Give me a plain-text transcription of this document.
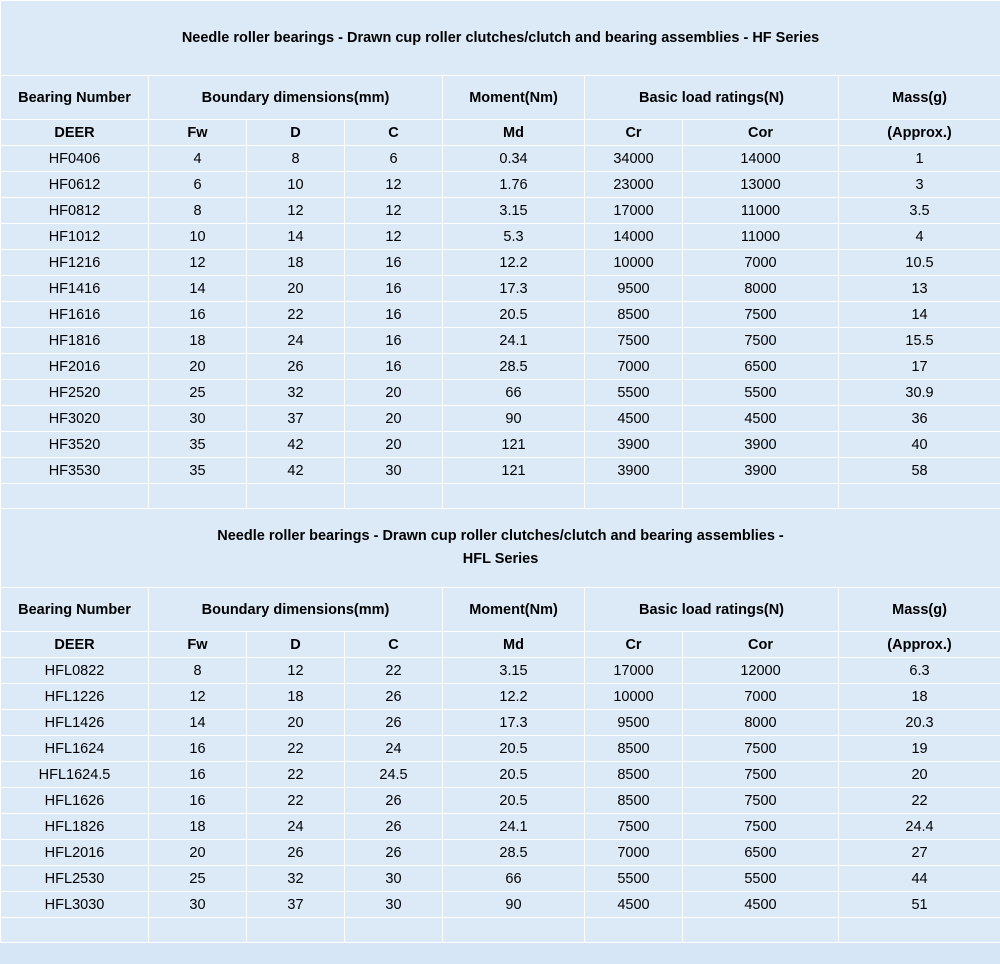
Needle roller bearings - Drawn cup roller clutches/clutch and bearing assemblies - HF Series							
Bearing Number	Boundary dimensions(mm)			Moment(Nm)	Basic load ratings(N)		Mass(g)
DEER	Fw	D	C	Md	Cr	Cor	(Approx.)
HF0406	4	8	6	0.34	34000	14000	1
HF0612	6	10	12	1.76	23000	13000	3
HF0812	8	12	12	3.15	17000	11000	3.5
HF1012	10	14	12	5.3	14000	11000	4
HF1216	12	18	16	12.2	10000	7000	10.5
HF1416	14	20	16	17.3	9500	8000	13
HF1616	16	22	16	20.5	8500	7500	14
HF1816	18	24	16	24.1	7500	7500	15.5
HF2016	20	26	16	28.5	7000	6500	17
HF2520	25	32	20	66	5500	5500	30.9
HF3020	30	37	20	90	4500	4500	36
HF3520	35	42	20	121	3900	3900	40
HF3530	35	42	30	121	3900	3900	58

Needle roller bearings - Drawn cup roller clutches/clutch and bearing assemblies -
HFL Series							
Bearing Number	Boundary dimensions(mm)			Moment(Nm)	Basic load ratings(N)		Mass(g)
DEER	Fw	D	C	Md	Cr	Cor	(Approx.)
HFL0822	8	12	22	3.15	17000	12000	6.3
HFL1226	12	18	26	12.2	10000	7000	18
HFL1426	14	20	26	17.3	9500	8000	20.3
HFL1624	16	22	24	20.5	8500	7500	19
HFL1624.5	16	22	24.5	20.5	8500	7500	20
HFL1626	16	22	26	20.5	8500	7500	22
HFL1826	18	24	26	24.1	7500	7500	24.4
HFL2016	20	26	26	28.5	7000	6500	27
HFL2530	25	32	30	66	5500	5500	44
HFL3030	30	37	30	90	4500	4500	51
